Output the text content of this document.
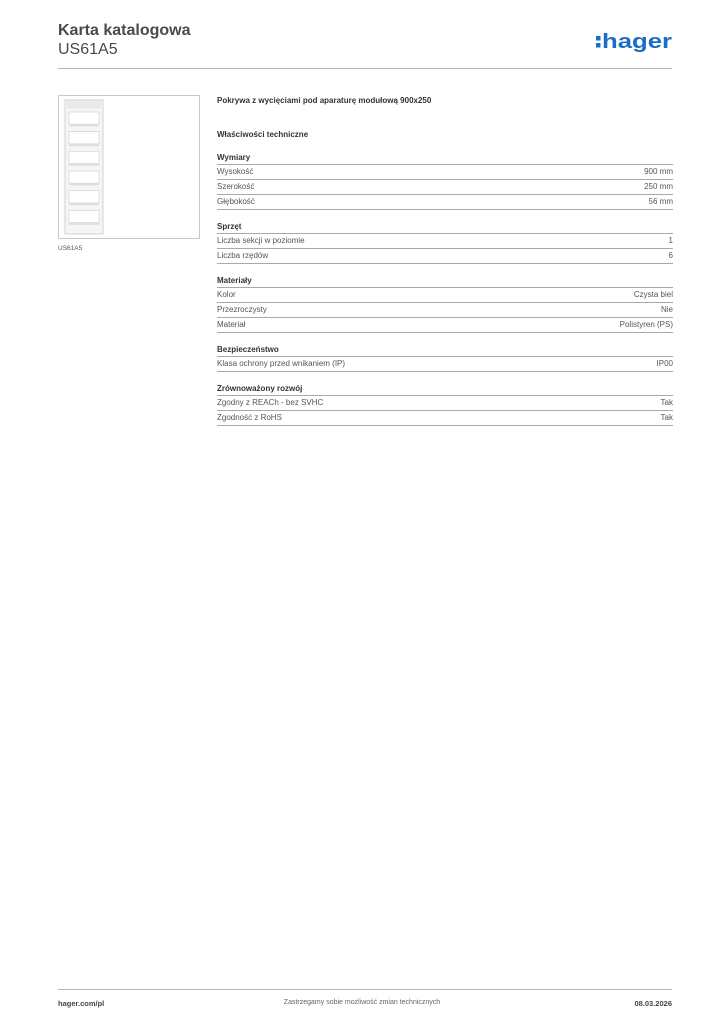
Karta katalogowa
US61A5	hager
US61A5
Pokrywa z wycięciami pod aparaturę modułową 900x250
Właściwości techniczne
Wymiary
Wysokość	900 mm
Szerokość	250 mm
Głębokość	56 mm
Sprzęt
Liczba sekcji w poziomie	1
Liczba rzędów	6
Materiały
Kolor	Czysta biel
Przezroczysty	Nie
Materiał	Polistyren (PS)
Bezpieczeństwo
Klasa ochrony przed wnikaniem (IP)	IP00
Zrównoważony rozwój
Zgodny z REACh - bez SVHC	Tak
Zgodność z RoHS	Tak
hager.com/pl	Zastrzegamy sobie możliwość zmian technicznych	08.03.2026
